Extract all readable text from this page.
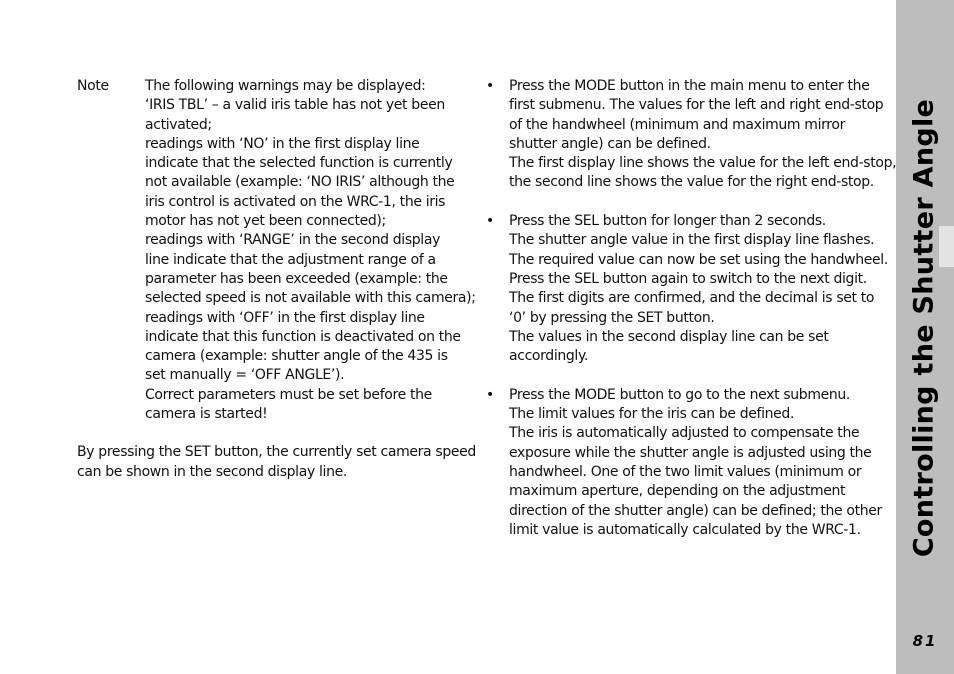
Note	The following warnings may be displayed:
‘IRIS TBL’ – a valid iris table has not yet been
activated;
readings with ‘NO’ in the first display line
indicate that the selected function is currently
not available (example: ‘NO IRIS’ although the
iris control is activated on the WRC-1, the iris
motor has not yet been connected);
readings with ‘RANGE’ in the second display
line indicate that the adjustment range of a
parameter has been exceeded (example: the
selected speed is not available with this camera);
readings with ‘OFF’ in the first display line
indicate that this function is deactivated on the
camera (example: shutter angle of the 435 is
set manually = ‘OFF ANGLE’).
Correct parameters must be set before the
camera is started!
By pressing the SET button, the currently set camera speed
can be shown in the second display line.
•	Press the MODE button in the main menu to enter the
first submenu. The values for the left and right end-stop
of the handwheel (minimum and maximum mirror
shutter angle) can be defined.
The first display line shows the value for the left end-stop,
the second line shows the value for the right end-stop.
•	Press the SEL button for longer than 2 seconds.
The shutter angle value in the first display line flashes.
The required value can now be set using the handwheel.
Press the SEL button again to switch to the next digit.
The first digits are confirmed, and the decimal is set to
‘0’ by pressing the SET button.
The values in the second display line can be set
accordingly.
•	Press the MODE button to go to the next submenu.
The limit values for the iris can be defined.
The iris is automatically adjusted to compensate the
exposure while the shutter angle is adjusted using the
handwheel. One of the two limit values (minimum or
maximum aperture, depending on the adjustment
direction of the shutter angle) can be defined; the other
limit value is automatically calculated by the WRC-1.	Controlling the Shutter Angle
81
